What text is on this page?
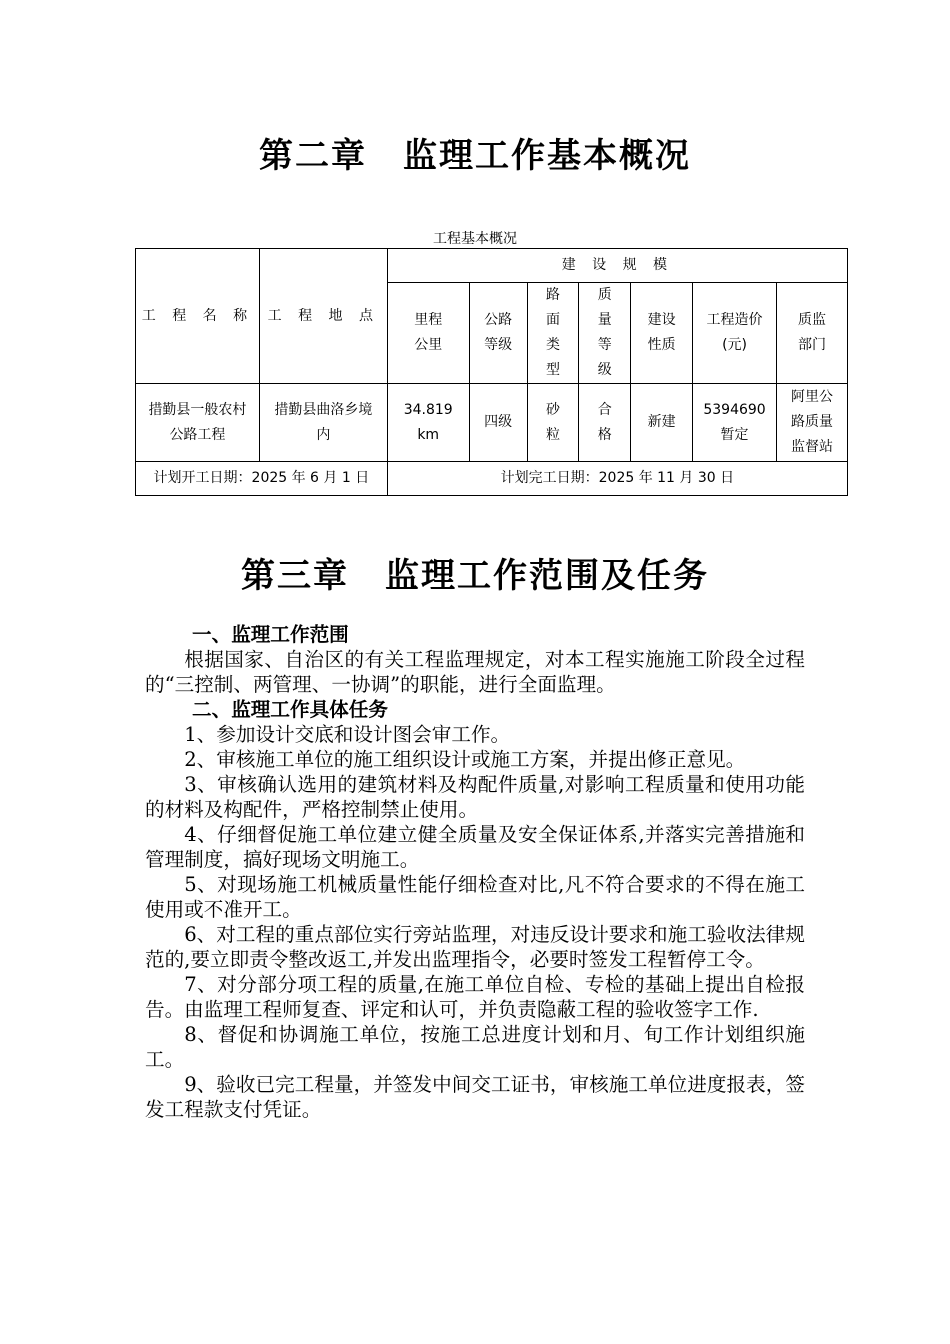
第二章 监理工作基本概况
工程基本概况
工 程 名 称	工 程 地 点	建 设 规 模						
		里程公里	公路等级	路面类型	质量等级	建设性质	工程造价(元)	质监部门
措勤县一般农村公路工程	措勤县曲洛乡境内	34.819 km	四级	砂粒	合格	新建	5394690暂定	阿里公路质量监督站
计划开工日期：2025 年 6 月 1 日		计划完工日期：2025 年 11 月 30 日						
第三章 监理工作范围及任务

一、监理工作范围

根据国家、自治区的有关工程监理规定，对本工程实施施工阶段全过程的“三控制、两管理、一协调”的职能，进行全面监理。

二、监理工作具体任务

1、参加设计交底和设计图会审工作。

2、审核施工单位的施工组织设计或施工方案，并提出修正意见。

3、审核确认选用的建筑材料及构配件质量,对影响工程质量和使用功能的材料及构配件，严格控制禁止使用。

4、仔细督促施工单位建立健全质量及安全保证体系,并落实完善措施和管理制度，搞好现场文明施工。

5、对现场施工机械质量性能仔细检查对比,凡不符合要求的不得在施工使用或不准开工。

6、对工程的重点部位实行旁站监理，对违反设计要求和施工验收法律规范的,要立即责令整改返工,并发出监理指令，必要时签发工程暂停工令。

7、对分部分项工程的质量,在施工单位自检、专检的基础上提出自检报告。由监理工程师复查、评定和认可，并负责隐蔽工程的验收签字工作.

8、督促和协调施工单位，按施工总进度计划和月、旬工作计划组织施工。

9、验收已完工程量，并签发中间交工证书，审核施工单位进度报表，签发工程款支付凭证。
